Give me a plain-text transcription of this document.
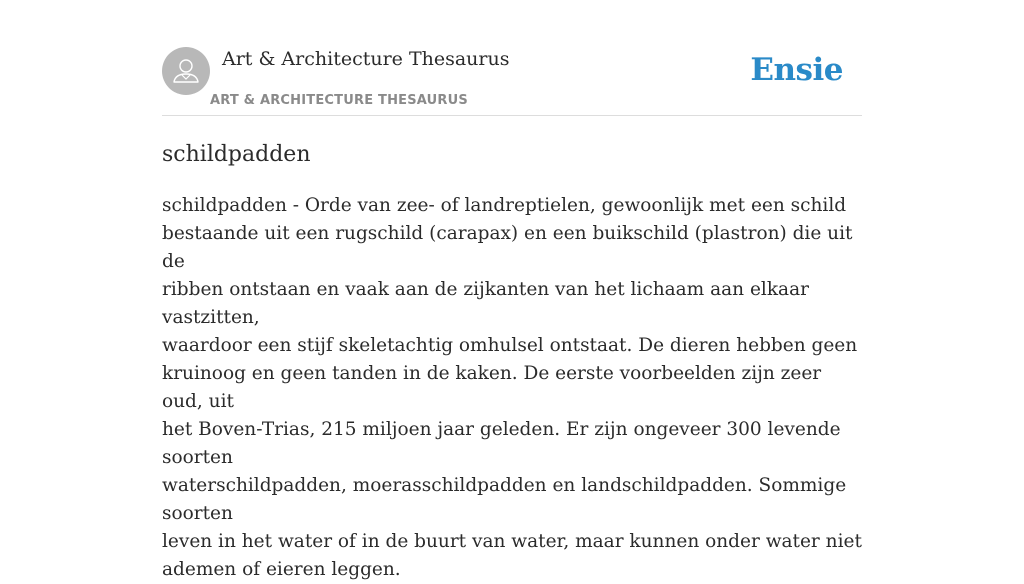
Art & Architecture Thesaurus
ART & ARCHITECTURE THESAURUS
Ensie
schildpadden

schildpadden - Orde van zee- of landreptielen, gewoonlijk met een schild
bestaande uit een rugschild (carapax) en een buikschild (plastron) die uit de
ribben ontstaan en vaak aan de zijkanten van het lichaam aan elkaar vastzitten,
waardoor een stijf skeletachtig omhulsel ontstaat. De dieren hebben geen
kruinoog en geen tanden in de kaken. De eerste voorbeelden zijn zeer oud, uit
het Boven-Trias, 215 miljoen jaar geleden. Er zijn ongeveer 300 levende soorten
waterschildpadden, moerasschildpadden en landschildpadden. Sommige soorten
leven in het water of in de buurt van water, maar kunnen onder water niet
ademen of eieren leggen.
